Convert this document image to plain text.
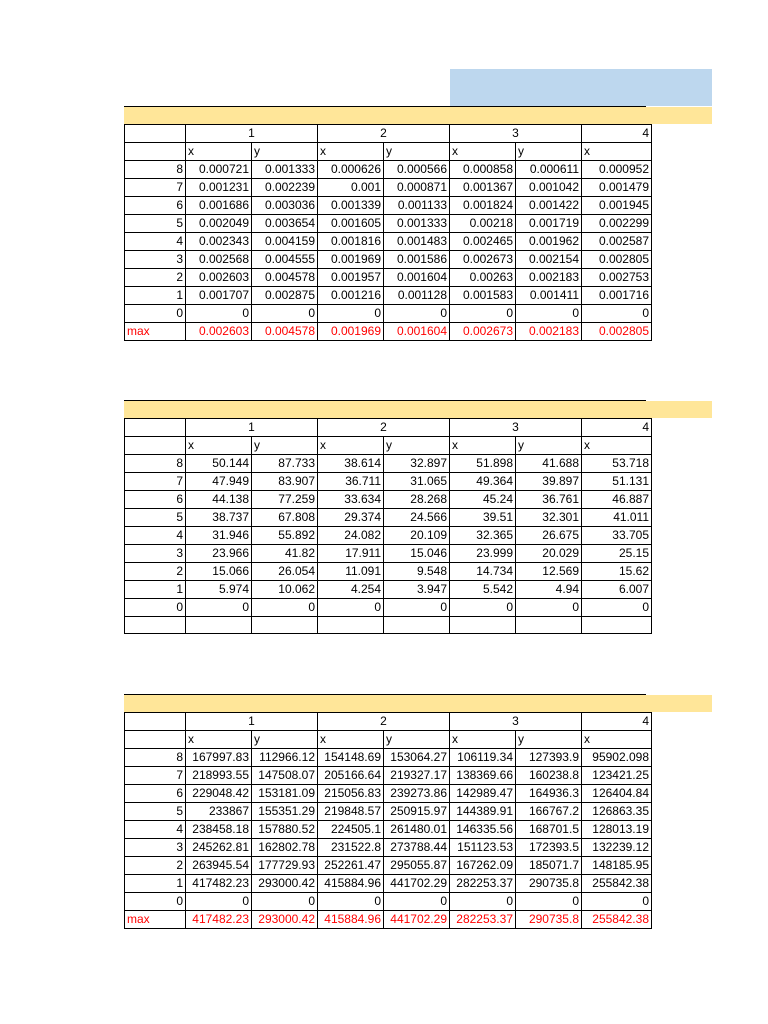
	1		2		3		4
	x	y	x	y	x	y	x
8	0.000721	0.001333	0.000626	0.000566	0.000858	0.000611	0.000952
7	0.001231	0.002239	0.001	0.000871	0.001367	0.001042	0.001479
6	0.001686	0.003036	0.001339	0.001133	0.001824	0.001422	0.001945
5	0.002049	0.003654	0.001605	0.001333	0.00218	0.001719	0.002299
4	0.002343	0.004159	0.001816	0.001483	0.002465	0.001962	0.002587
3	0.002568	0.004555	0.001969	0.001586	0.002673	0.002154	0.002805
2	0.002603	0.004578	0.001957	0.001604	0.00263	0.002183	0.002753
1	0.001707	0.002875	0.001216	0.001128	0.001583	0.001411	0.001716
0	0	0	0	0	0	0	0
max	0.002603	0.004578	0.001969	0.001604	0.002673	0.002183	0.002805
	1		2		3		4
	x	y	x	y	x	y	x
8	50.144	87.733	38.614	32.897	51.898	41.688	53.718
7	47.949	83.907	36.711	31.065	49.364	39.897	51.131
6	44.138	77.259	33.634	28.268	45.24	36.761	46.887
5	38.737	67.808	29.374	24.566	39.51	32.301	41.011
4	31.946	55.892	24.082	20.109	32.365	26.675	33.705
3	23.966	41.82	17.911	15.046	23.999	20.029	25.15
2	15.066	26.054	11.091	9.548	14.734	12.569	15.62
1	5.974	10.062	4.254	3.947	5.542	4.94	6.007
0	0	0	0	0	0	0	0

	1		2		3		4
	x	y	x	y	x	y	x
8	167997.83	112966.12	154148.69	153064.27	106119.34	127393.9	95902.098
7	218993.55	147508.07	205166.64	219327.17	138369.66	160238.8	123421.25
6	229048.42	153181.09	215056.83	239273.86	142989.47	164936.3	126404.84
5	233867	155351.29	219848.57	250915.97	144389.91	166767.2	126863.35
4	238458.18	157880.52	224505.1	261480.01	146335.56	168701.5	128013.19
3	245262.81	162802.78	231522.8	273788.44	151123.53	172393.5	132239.12
2	263945.54	177729.93	252261.47	295055.87	167262.09	185071.7	148185.95
1	417482.23	293000.42	415884.96	441702.29	282253.37	290735.8	255842.38
0	0	0	0	0	0	0	0
max	417482.23	293000.42	415884.96	441702.29	282253.37	290735.8	255842.38
